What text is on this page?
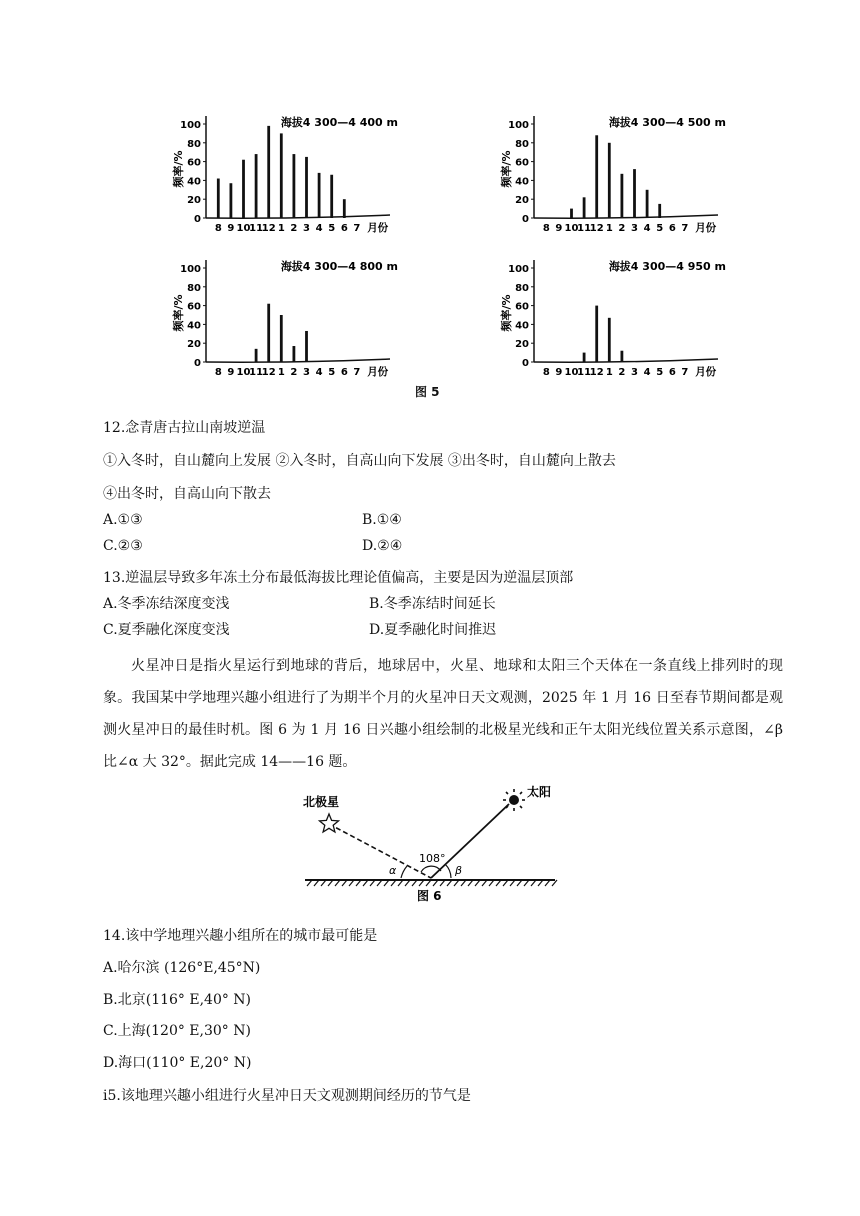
0
20
40
60
80
100
频率/%
海拔4 300—4 400 m
8 9 10
11
12 1 2 3 4 5 6 7 月份
0
20
40
60
80
100
频率/%
海拔4 300—4 500 m
8 9 10
11
12 1 2 3 4 5 6 7 月份
0
20
40
60
80
100
频率/%
海拔4 300—4 800 m
8 9 10
11
12 1 2 3 4 5 6 7 月份
0
20
40
60
80
100
频率/%
海拔4 300—4 950 m
8 9 10
11
12 1 2 3 4 5 6 7 月份
图 5
12.念青唐古拉山南坡逆温
①入冬时，自山麓向上发展 ②入冬时，自高山向下发展 ③出冬时，自山麓向上散去
④出冬时，自高山向下散去
A.①③	B.①④
C.②③	D.②④
13.逆温层导致多年冻土分布最低海拔比理论值偏高，主要是因为逆温层顶部
A.冬季冻结深度变浅	B.冬季冻结时间延长
C.夏季融化深度变浅	D.夏季融化时间推迟
火星冲日是指火星运行到地球的背后，地球居中，火星、地球和太阳三个天体在一条直线上排列时的现象。我国某中学地理兴趣小组进行了为期半个月的火星冲日天文观测，2025 年 1 月 16 日至春节期间都是观测火星冲日的最佳时机。图 6 为 1 月 16 日兴趣小组绘制的北极星光线和正午太阳光线位置关系示意图，∠β 比∠α 大 32°。据此完成 14——16 题。
北极星
太阳
108°
α	β
图 6
14.该中学地理兴趣小组所在的城市最可能是
A.哈尔滨 (126°E,45°N)
B.北京(116° E,40° N)
C.上海(120° E,30° N)
D.海口(110° E,20° N)
i5.该地理兴趣小组进行火星冲日天文观测期间经历的节气是
